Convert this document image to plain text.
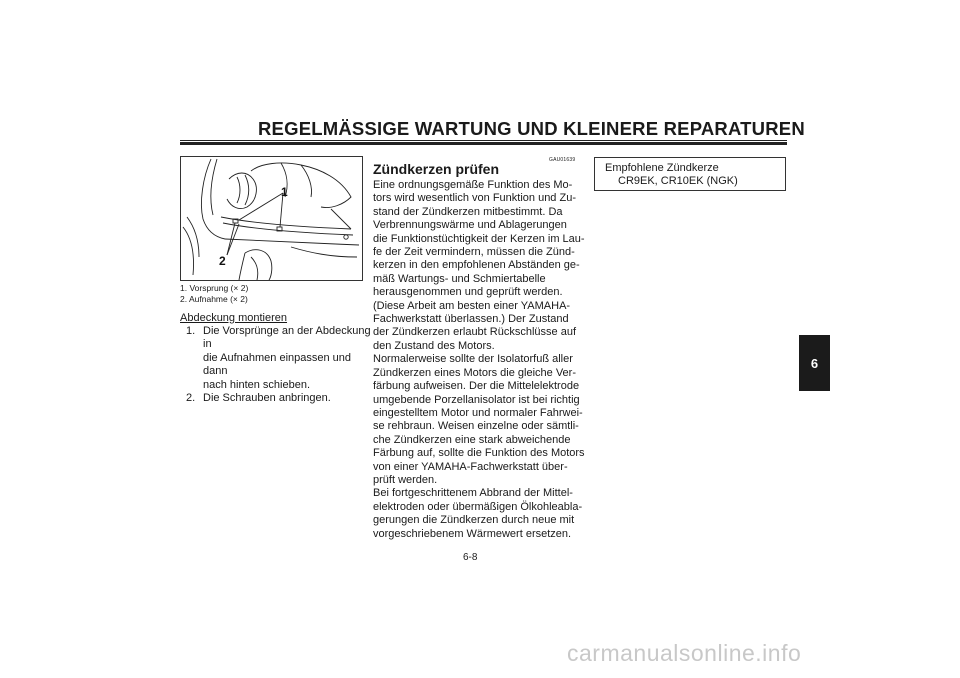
REGELMÄSSIGE WARTUNG UND KLEINERE REPARATUREN
1
2
1. Vorsprung (× 2)
2. Aufnahme (× 2)
Abdeckung montieren
1. Die Vorsprünge an der Abdeckung in
die Aufnahmen einpassen und dann
nach hinten schieben.
2. Die Schrauben anbringen.
GAU01639
Zündkerzen prüfen
Eine ordnungsgemäße Funktion des Mo-
tors wird wesentlich von Funktion und Zu-
stand der Zündkerzen mitbestimmt. Da
Verbrennungswärme und Ablagerungen
die Funktionstüchtigkeit der Kerzen im Lau-
fe der Zeit vermindern, müssen die Zünd-
kerzen in den empfohlenen Abständen ge-
mäß Wartungs- und Schmiertabelle
herausgenommen und geprüft werden.
(Diese Arbeit am besten einer YAMAHA-
Fachwerkstatt überlassen.) Der Zustand
der Zündkerzen erlaubt Rückschlüsse auf
den Zustand des Motors.
Normalerweise sollte der Isolatorfuß aller
Zündkerzen eines Motors die gleiche Ver-
färbung aufweisen. Der die Mittelelektrode
umgebende Porzellanisolator ist bei richtig
eingestelltem Motor und normaler Fahrwei-
se rehbraun. Weisen einzelne oder sämtli-
che Zündkerzen eine stark abweichende
Färbung auf, sollte die Funktion des Motors
von einer YAMAHA-Fachwerkstatt über-
prüft werden.
Bei fortgeschrittenem Abbrand der Mittel-
elektroden oder übermäßigen Ölkohleabla-
gerungen die Zündkerzen durch neue mit
vorgeschriebenem Wärmewert ersetzen.
Empfohlene Zündkerze
CR9EK, CR10EK (NGK)
6
6-8
carmanualsonline.info
